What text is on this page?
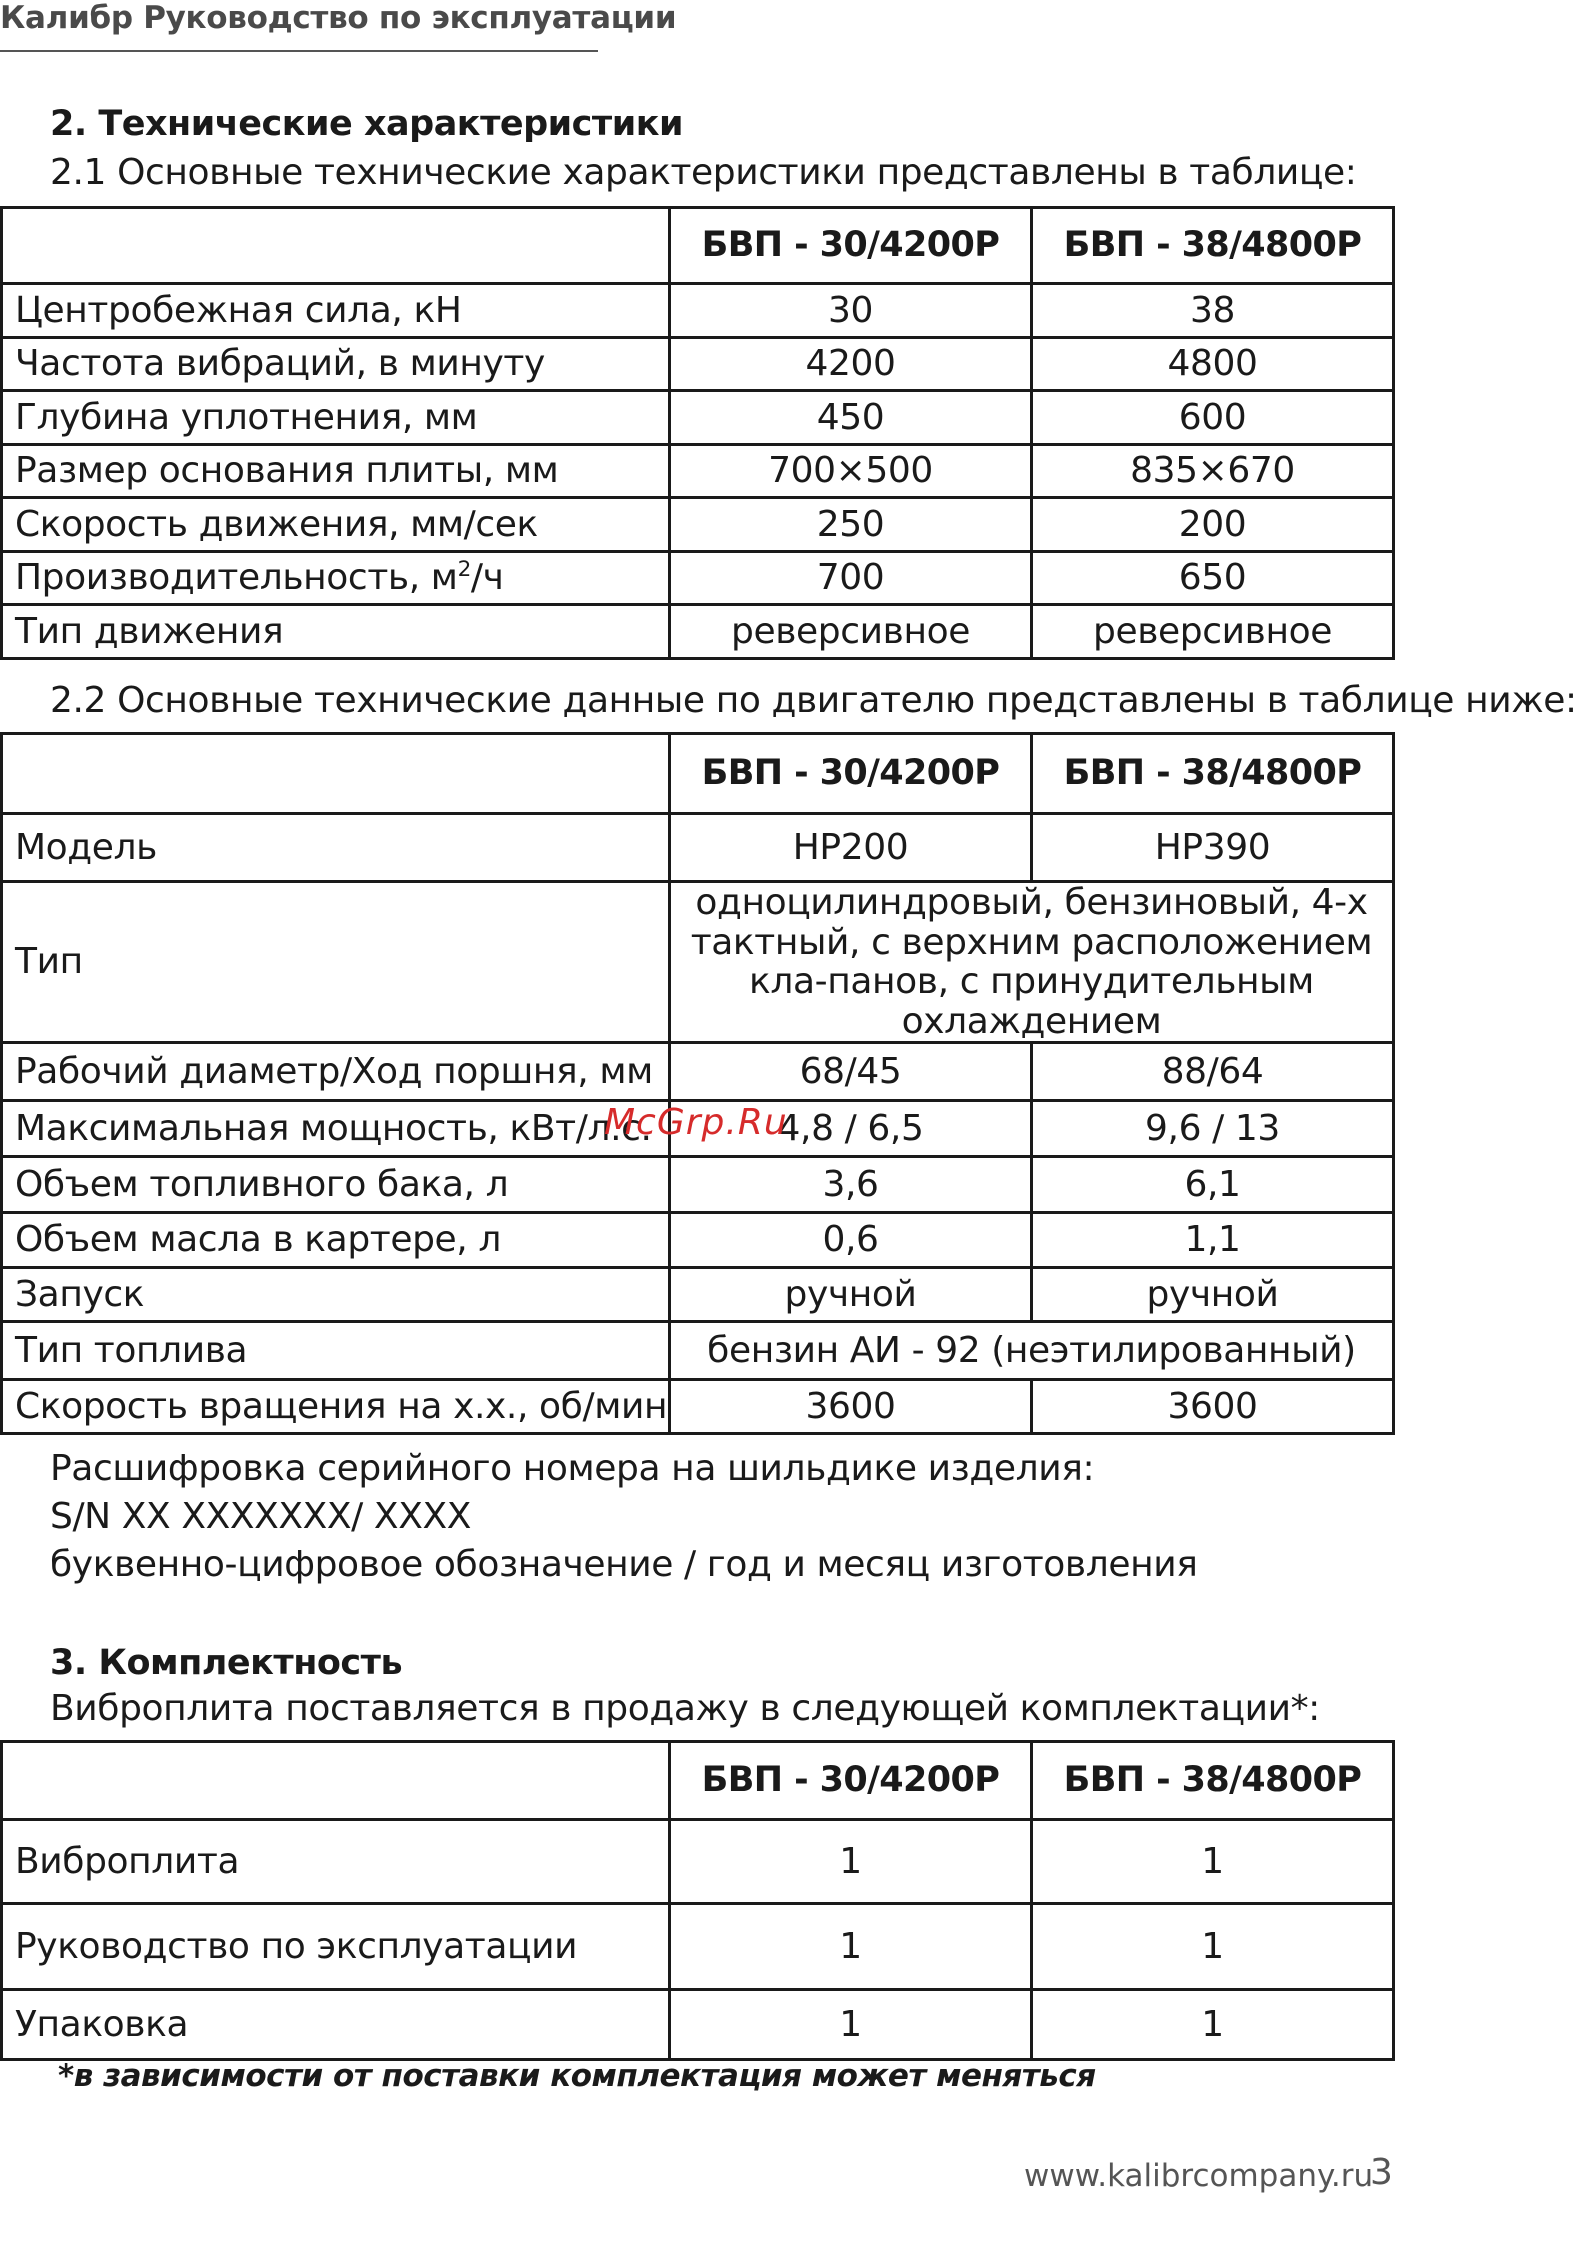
Калибр Руководство по эксплуатации
2. Технические характеристики
2.1 Основные технические характеристики представлены в таблице:
	БВП - 30/4200Р	БВП - 38/4800Р
Центробежная сила, кН	30	38
Частота вибраций, в минуту	4200	4800
Глубина уплотнения, мм	450	600
Размер основания плиты, мм	700×500	835×670
Скорость движения, мм/сек	250	200
Производительность, $м^2/ч$	700	650
Тип движения	реверсивное	реверсивное
2.2 Основные технические данные по двигателю представлены в таблице ниже:
	БВП - 30/4200Р	БВП - 38/4800Р
Модель	HP200	HP390
Тип	одноцилиндровый, бензиновый, 4-х тактный, с верхним расположением кла-панов, с принудительным охлаждением	
Рабочий диаметр/Ход поршня, мм	68/45	88/64
Максимальная мощность, кВт/л.с.	4,8 / 6,5	9,6 / 13
Объем топливного бака, л	3,6	6,1
Объем масла в картере, л	0,6	1,1
Запуск	ручной	ручной
Тип топлива	бензин АИ - 92 (неэтилированный)	
Скорость вращения на х.х., об/мин	3600	3600
McGrp.Ru
Расшифровка серийного номера на шильдике изделия:
S/N XX XXXXXXX/ XXXX
буквенно-цифровое обозначение / год и месяц изготовления
3. Комплектность
Виброплита поставляется в продажу в следующей комплектации*:
	БВП - 30/4200Р	БВП - 38/4800Р
Виброплита	1	1
Руководство по эксплуатации	1	1
Упаковка	1	1
*в зависимости от поставки комплектация может меняться
www.kalibrcompany.ru
3
